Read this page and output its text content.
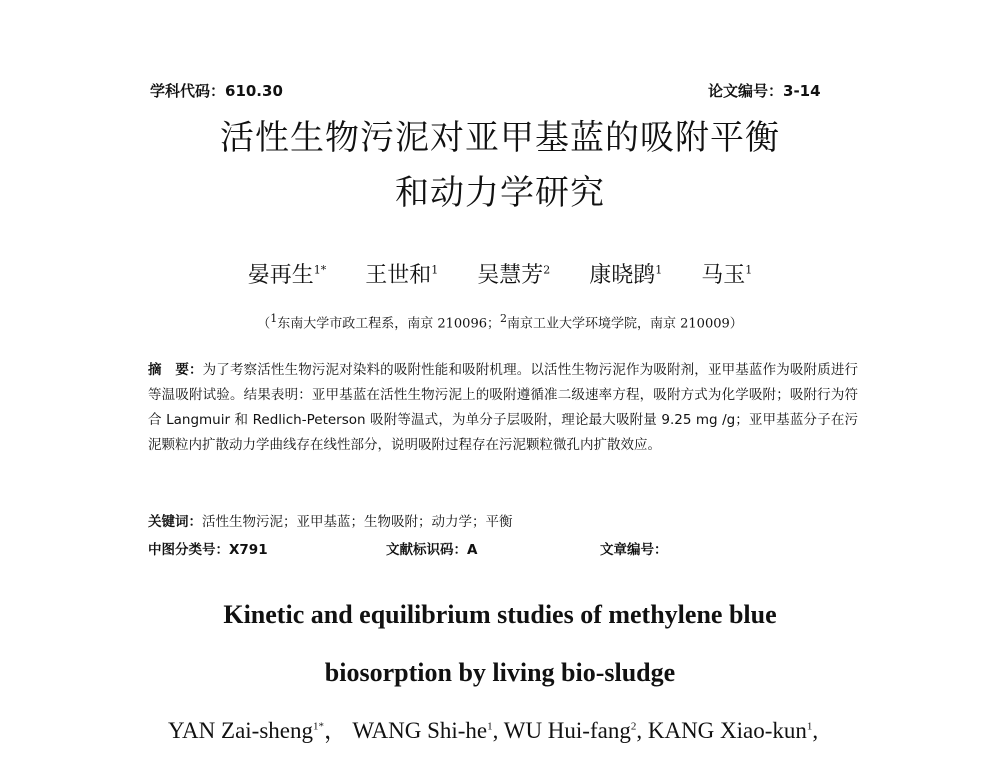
学科代码：610.30	论文编号：3-14
活性生物污泥对亚甲基蓝的吸附平衡
和动力学研究
晏再生$^{1*}$ 王世和$^1$ 吴慧芳$^2$ 康晓鹍$^1$ 马玉$^1$
（$^1$东南大学市政工程系，南京 210096；$^2$南京工业大学环境学院，南京 210009）
摘　要：为了考察活性生物污泥对染料的吸附性能和吸附机理。以活性生物污泥作为吸附剂，亚甲基蓝作为吸附质进行等温吸附试验。结果表明：亚甲基蓝在活性生物污泥上的吸附遵循准二级速率方程，吸附方式为化学吸附；吸附行为符合 Langmuir 和 Redlich-Peterson 吸附等温式，为单分子层吸附，理论最大吸附量 9.25 mg /g；亚甲基蓝分子在污泥颗粒内扩散动力学曲线存在线性部分，说明吸附过程存在污泥颗粒微孔内扩散效应。
关键词：活性生物污泥；亚甲基蓝；生物吸附；动力学；平衡
中图分类号：X791	文献标识码：A	文章编号：
Kinetic and equilibrium studies of methylene blue
biosorption by living bio-sludge
YAN Zai-sheng$^{1*}$， WANG Shi-$he^1$, WU Hui-fang$^2$, KANG Xiao-kun$^1$,
